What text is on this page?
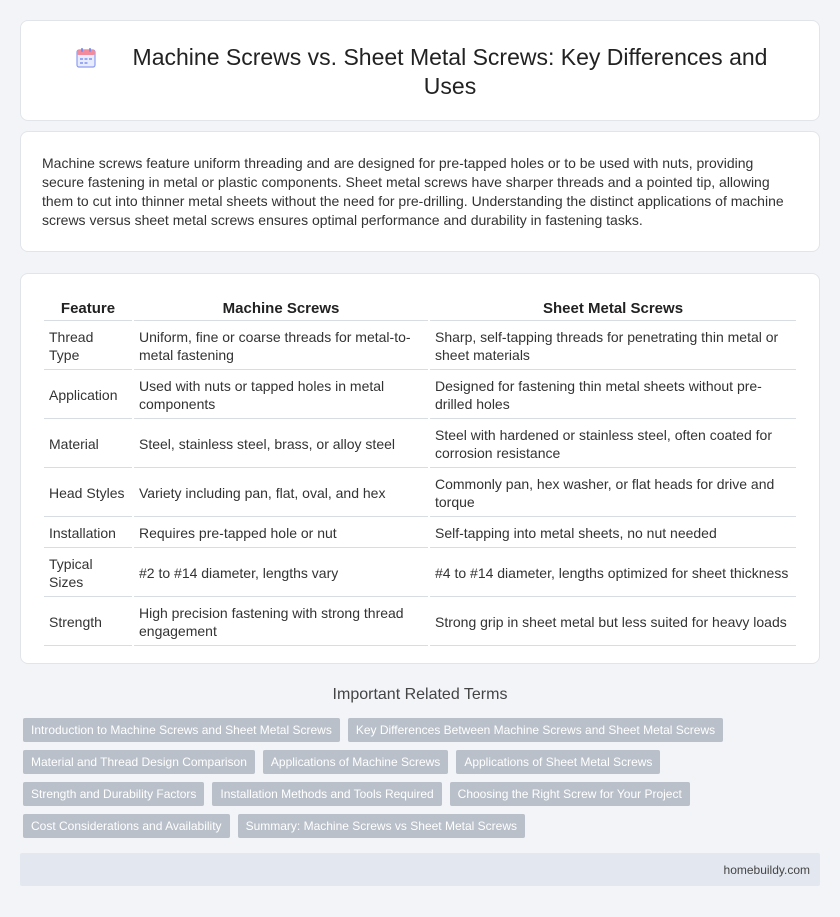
Machine Screws vs. Sheet Metal Screws: Key Differences and Uses

Machine screws feature uniform threading and are designed for pre-tapped holes or to be used with nuts, providing secure fastening in metal or plastic components. Sheet metal screws have sharper threads and a pointed tip, allowing them to cut into thinner metal sheets without the need for pre-drilling. Understanding the distinct applications of machine screws versus sheet metal screws ensures optimal performance and durability in fastening tasks.

Feature	Machine Screws	Sheet Metal Screws
Thread Type	Uniform, fine or coarse threads for metal-to-metal fastening	Sharp, self-tapping threads for penetrating thin metal or sheet materials
Application	Used with nuts or tapped holes in metal components	Designed for fastening thin metal sheets without pre-drilled holes
Material	Steel, stainless steel, brass, or alloy steel	Steel with hardened or stainless steel, often coated for corrosion resistance
Head Styles	Variety including pan, flat, oval, and hex	Commonly pan, hex washer, or flat heads for drive and torque
Installation	Requires pre-tapped hole or nut	Self-tapping into metal sheets, no nut needed
Typical Sizes	#2 to #14 diameter, lengths vary	#4 to #14 diameter, lengths optimized for sheet thickness
Strength	High precision fastening with strong thread engagement	Strong grip in sheet metal but less suited for heavy loads
Important Related Terms
Introduction to Machine Screws and Sheet Metal Screws	Key Differences Between Machine Screws and Sheet Metal Screws
Material and Thread Design Comparison	Applications of Machine Screws	Applications of Sheet Metal Screws
Strength and Durability Factors	Installation Methods and Tools Required	Choosing the Right Screw for Your Project
Cost Considerations and Availability	Summary: Machine Screws vs Sheet Metal Screws
homebuildy.com
